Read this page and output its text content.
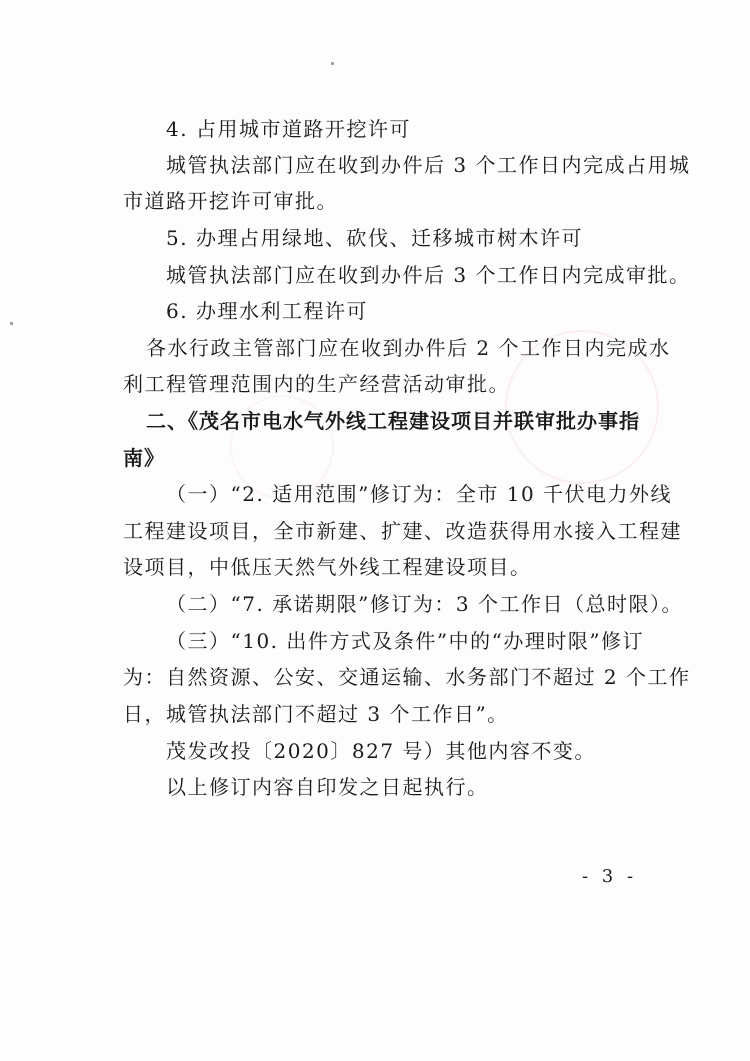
4. 占用城市道路开挖许可
城管执法部门应在收到办件后 3 个工作日内完成占用城
市道路开挖许可审批。
5. 办理占用绿地、砍伐、迁移城市树木许可
城管执法部门应在收到办件后 3 个工作日内完成审批。
6. 办理水利工程许可
各水行政主管部门应在收到办件后 2 个工作日内完成水
利工程管理范围内的生产经营活动审批。
二、《茂名市电水气外线工程建设项目并联审批办事指
南》
（一）“2. 适用范围”修订为：全市 10 千伏电力外线
工程建设项目，全市新建、扩建、改造获得用水接入工程建
设项目，中低压天然气外线工程建设项目。
（二）“7. 承诺期限”修订为：3 个工作日（总时限）。
（三）“10. 出件方式及条件”中的“办理时限”修订
为：自然资源、公安、交通运输、水务部门不超过 2 个工作
日，城管执法部门不超过 3 个工作日”。
茂发改投〔2020〕827 号）其他内容不变。
以上修订内容自印发之日起执行。
- 3 -
